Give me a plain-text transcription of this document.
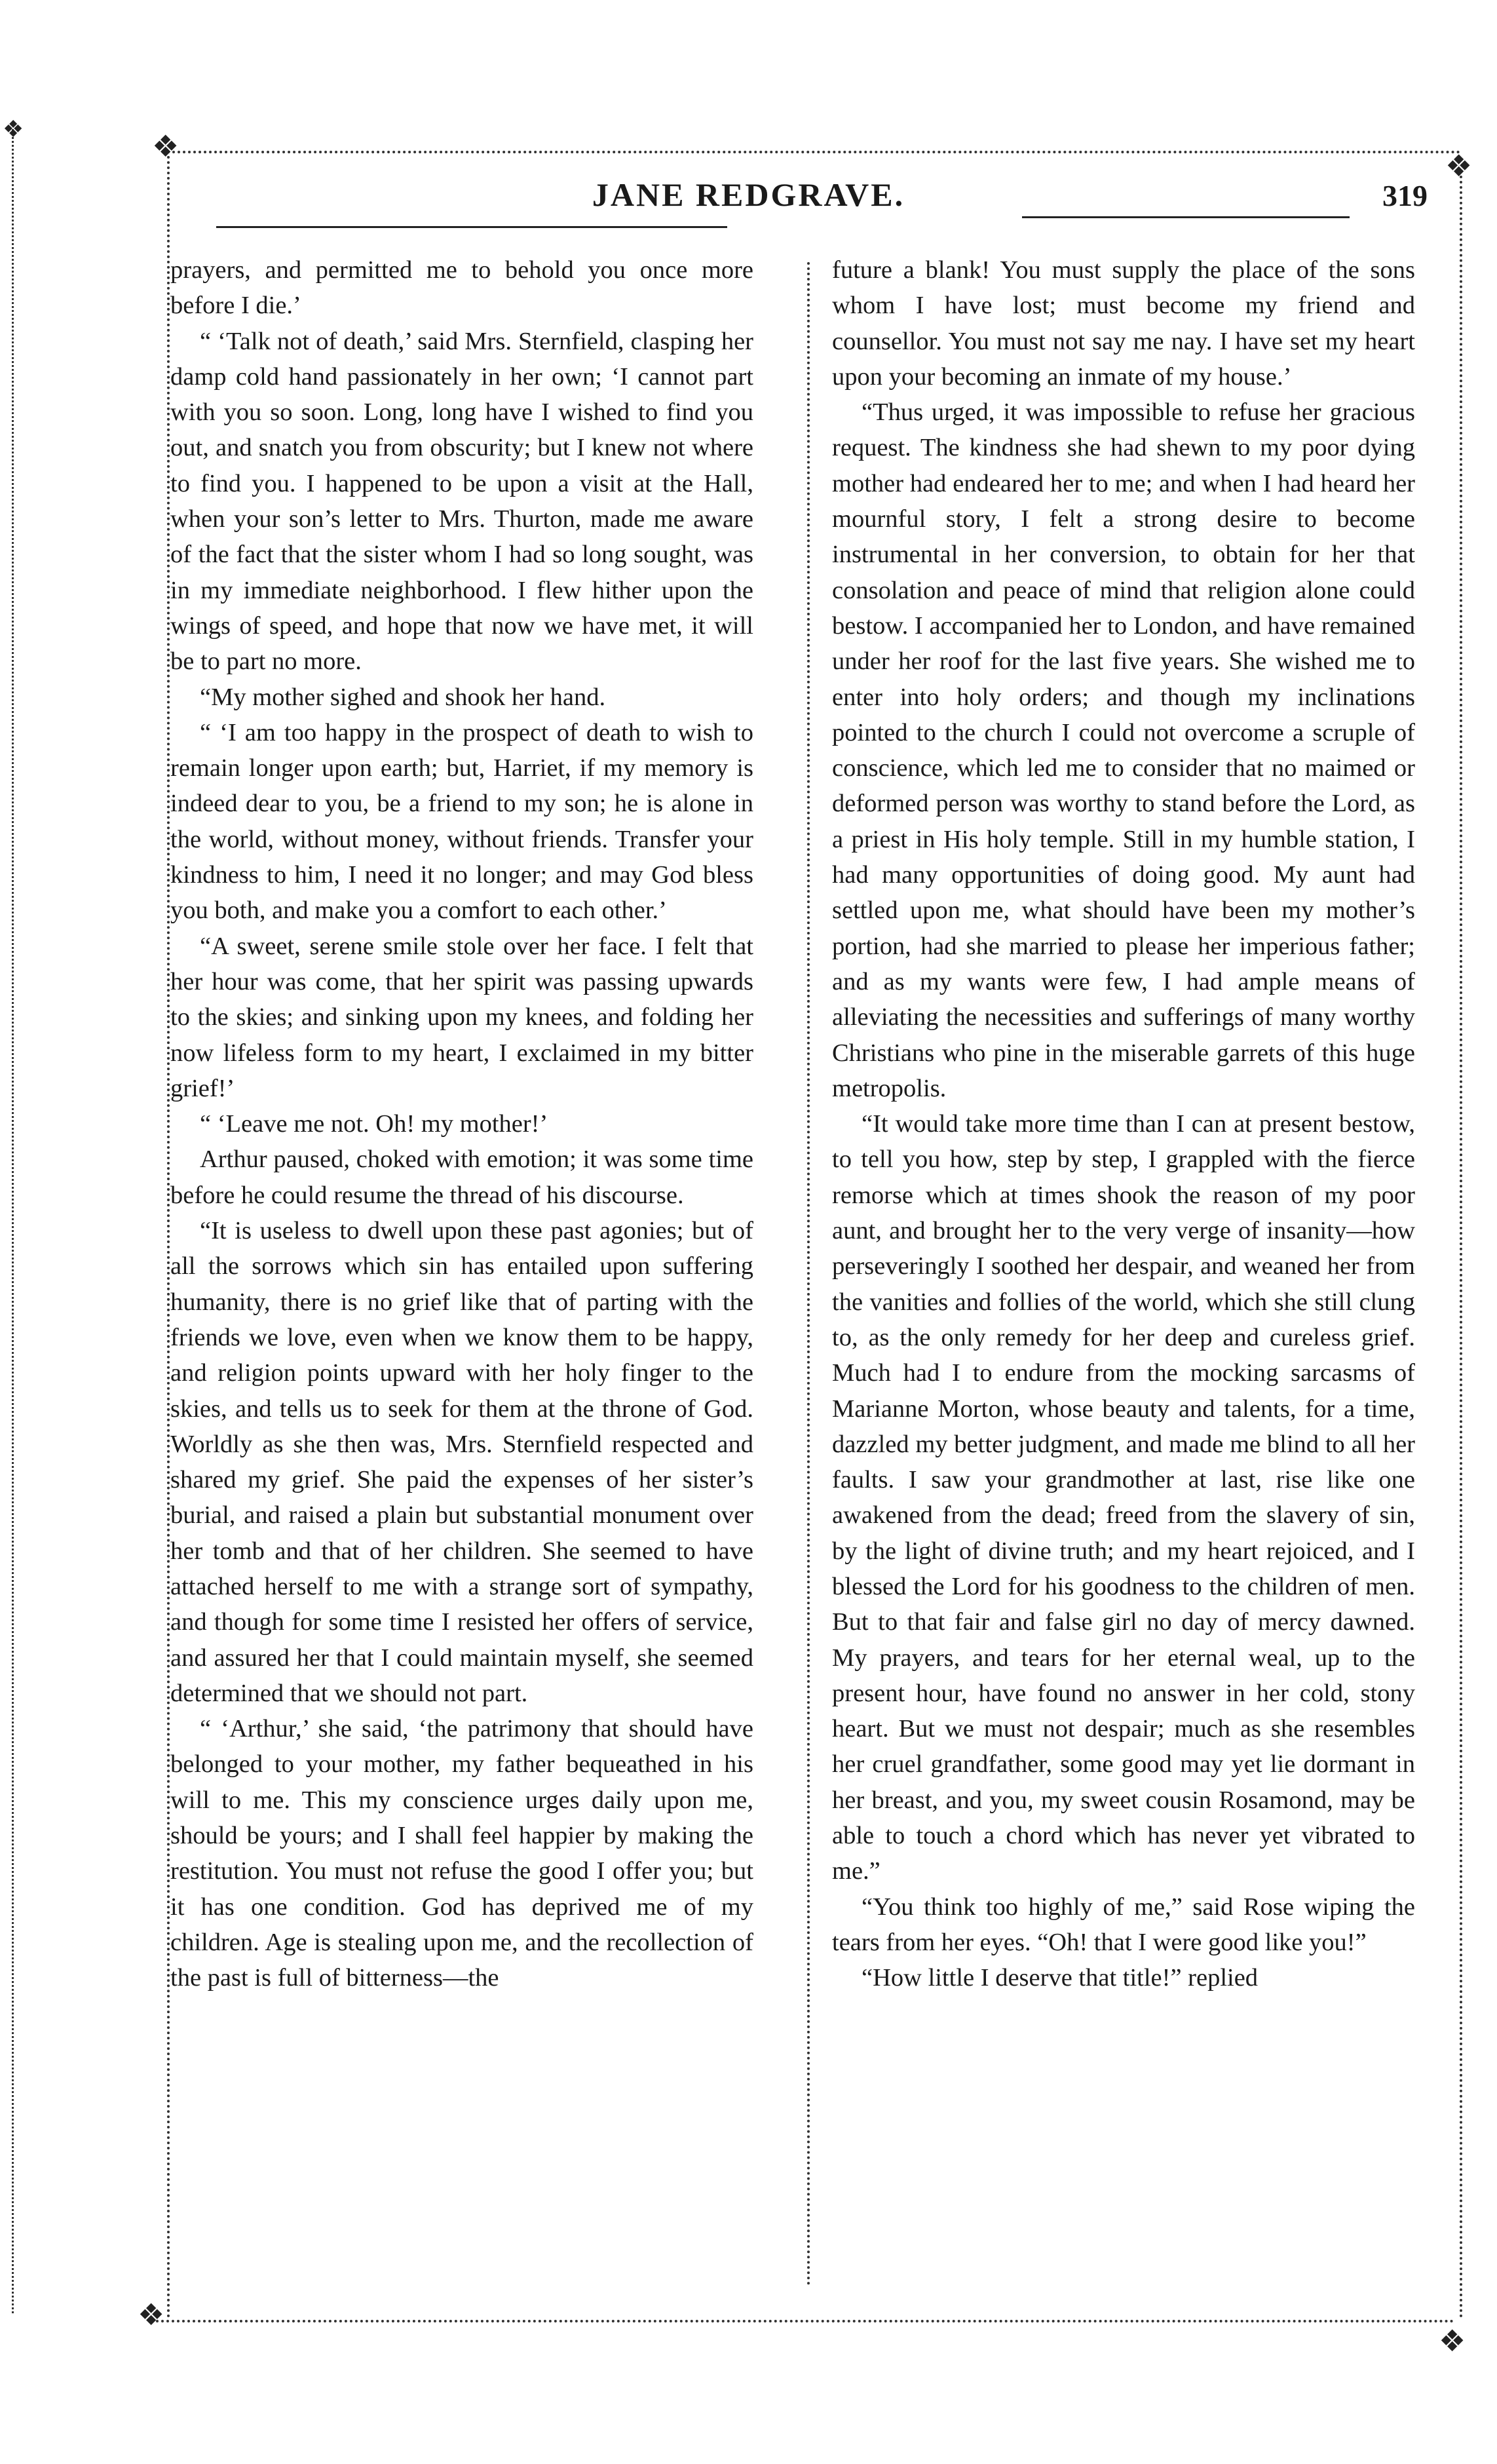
❖
❖
❖
❖
❖
JANE REDGRAVE.	319

prayers, and permitted me to behold you once more before I die.’

“ ‘Talk not of death,’ said Mrs. Sternfield, clasping her damp cold hand passionately in her own; ‘I cannot part with you so soon. Long, long have I wished to find you out, and snatch you from obscurity; but I knew not where to find you. I happened to be upon a visit at the Hall, when your son’s letter to Mrs. Thurton, made me aware of the fact that the sister whom I had so long sought, was in my immediate neighborhood. I flew hither upon the wings of speed, and hope that now we have met, it will be to part no more.

“My mother sighed and shook her hand.

“ ‘I am too happy in the prospect of death to wish to remain longer upon earth; but, Harriet, if my memory is indeed dear to you, be a friend to my son; he is alone in the world, without money, without friends. Transfer your kindness to him, I need it no longer; and may God bless you both, and make you a comfort to each other.’

“A sweet, serene smile stole over her face. I felt that her hour was come, that her spirit was passing upwards to the skies; and sinking upon my knees, and folding her now lifeless form to my heart, I exclaimed in my bitter grief!’

“ ‘Leave me not. Oh! my mother!’

Arthur paused, choked with emotion; it was some time before he could resume the thread of his discourse.

“It is useless to dwell upon these past agonies; but of all the sorrows which sin has entailed upon suffering humanity, there is no grief like that of parting with the friends we love, even when we know them to be happy, and religion points upward with her holy finger to the skies, and tells us to seek for them at the throne of God. Worldly as she then was, Mrs. Sternfield respected and shared my grief. She paid the expenses of her sister’s burial, and raised a plain but substantial monument over her tomb and that of her children. She seemed to have attached herself to me with a strange sort of sympathy, and though for some time I resisted her offers of service, and assured her that I could maintain myself, she seemed determined that we should not part.

“ ‘Arthur,’ she said, ‘the patrimony that should have belonged to your mother, my father bequeathed in his will to me. This my conscience urges daily upon me, should be yours; and I shall feel happier by making the restitution. You must not refuse the good I offer you; but it has one condition. God has deprived me of my children. Age is stealing upon me, and the recollection of the past is full of bitterness—the

future a blank! You must supply the place of the sons whom I have lost; must become my friend and counsellor. You must not say me nay. I have set my heart upon your becoming an inmate of my house.’

“Thus urged, it was impossible to refuse her gracious request. The kindness she had shewn to my poor dying mother had endeared her to me; and when I had heard her mournful story, I felt a strong desire to become instrumental in her conversion, to obtain for her that consolation and peace of mind that religion alone could bestow. I accompanied her to London, and have remained under her roof for the last five years. She wished me to enter into holy orders; and though my inclinations pointed to the church I could not overcome a scruple of conscience, which led me to consider that no maimed or deformed person was worthy to stand before the Lord, as a priest in His holy temple. Still in my humble station, I had many opportunities of doing good. My aunt had settled upon me, what should have been my mother’s portion, had she married to please her imperious father; and as my wants were few, I had ample means of alleviating the necessities and sufferings of many worthy Christians who pine in the miserable garrets of this huge metropolis.

“It would take more time than I can at present bestow, to tell you how, step by step, I grappled with the fierce remorse which at times shook the reason of my poor aunt, and brought her to the very verge of insanity—how perseveringly I soothed her despair, and weaned her from the vanities and follies of the world, which she still clung to, as the only remedy for her deep and cureless grief. Much had I to endure from the mocking sarcasms of Marianne Morton, whose beauty and talents, for a time, dazzled my better judgment, and made me blind to all her faults. I saw your grandmother at last, rise like one awakened from the dead; freed from the slavery of sin, by the light of divine truth; and my heart rejoiced, and I blessed the Lord for his goodness to the children of men. But to that fair and false girl no day of mercy dawned. My prayers, and tears for her eternal weal, up to the present hour, have found no answer in her cold, stony heart. But we must not despair; much as she resembles her cruel grandfather, some good may yet lie dormant in her breast, and you, my sweet cousin Rosamond, may be able to touch a chord which has never yet vibrated to me.”

“You think too highly of me,” said Rose wiping the tears from her eyes. “Oh! that I were good like you!”

“How little I deserve that title!” replied
